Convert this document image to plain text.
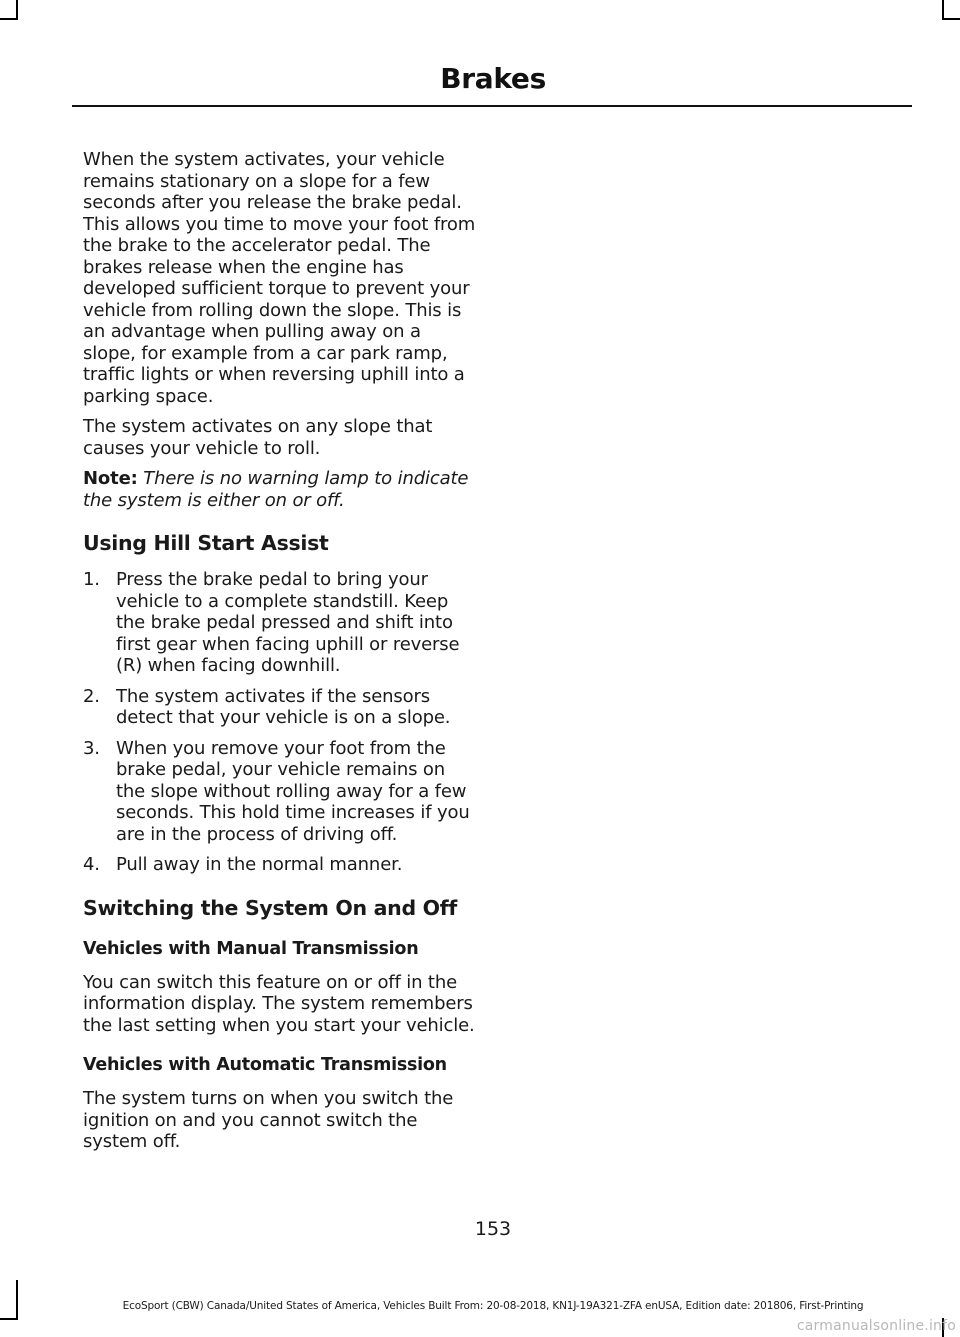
Brakes

When the system activates, your vehicle remains stationary on a slope for a few seconds after you release the brake pedal. This allows you time to move your foot from the brake to the accelerator pedal. The brakes release when the engine has developed sufficient torque to prevent your vehicle from rolling down the slope. This is an advantage when pulling away on a slope, for example from a car park ramp, traffic lights or when reversing uphill into a parking space.

The system activates on any slope that causes your vehicle to roll.

Note: There is no warning lamp to indicate the system is either on or off.

Using Hill Start Assist
1. Press the brake pedal to bring your vehicle to a complete standstill. Keep the brake pedal pressed and shift into first gear when facing uphill or reverse (R) when facing downhill.
2. The system activates if the sensors detect that your vehicle is on a slope.
3. When you remove your foot from the brake pedal, your vehicle remains on the slope without rolling away for a few seconds. This hold time increases if you are in the process of driving off.
4. Pull away in the normal manner.
Switching the System On and Off
Vehicles with Manual Transmission

You can switch this feature on or off in the information display. The system remembers the last setting when you start your vehicle.

Vehicles with Automatic Transmission

The system turns on when you switch the ignition on and you cannot switch the system off.

153
EcoSport (CBW) Canada/United States of America, Vehicles Built From: 20-08-2018, KN1J-19A321-ZFA enUSA, Edition date: 201806, First-Printing
carmanualsonline.info
